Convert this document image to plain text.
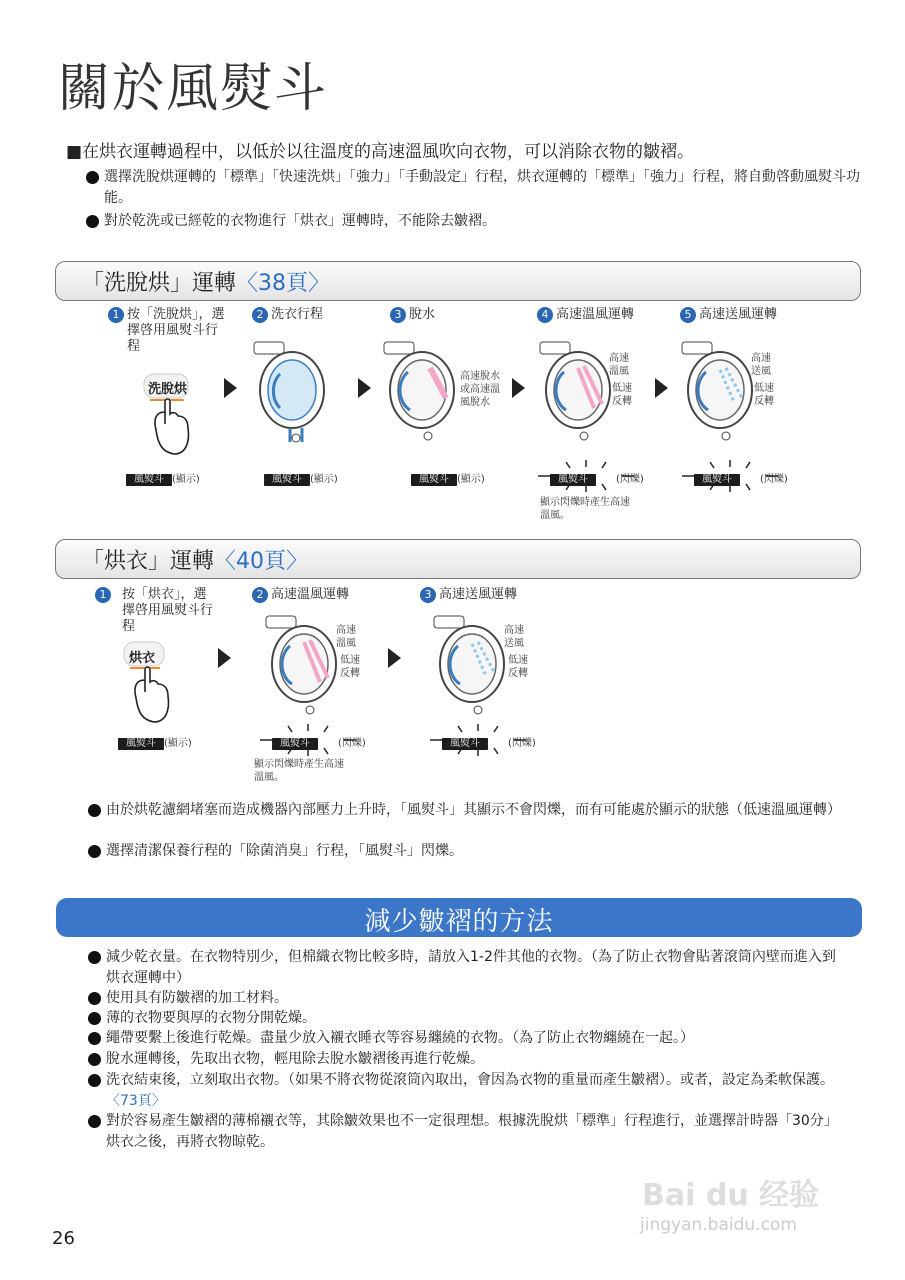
關於風熨斗
■在烘衣運轉過程中，以低於以往溫度的高速溫風吹向衣物，可以消除衣物的皺褶。
選擇洗脫烘運轉的「標準」「快速洗烘」「強力」「手動設定」行程，烘衣運轉的「標準」「強力」行程，將自動啓動風熨斗功能。
對於乾洗或已經乾的衣物進行「烘衣」運轉時，不能除去皺褶。
「洗脫烘」運轉〈38頁〉
1 按「洗脫烘」，選擇啓用風熨斗行程
2 洗衣行程	3 脫水	4 高速溫風運轉	5 高速送風運轉
洗脫烘
高速脫水或高速溫風脫水
高速溫風
低速反轉
高速送風
低速反轉
風熨斗 (顯示)	風熨斗 (顯示)	風熨斗 (顯示)	風熨斗	(閃爍)
顯示閃爍時產生高速溫風。
風熨斗	(閃爍)
「烘衣」運轉〈40頁〉
1 按「烘衣」，選擇啓用風熨斗行程
2 高速溫風運轉	3 高速送風運轉
烘衣
高速溫風
低速反轉
高速送風
低速反轉
風熨斗 (顯示)	風熨斗	(閃爍)
顯示閃爍時產生高速溫風。
風熨斗	(閃爍)
由於烘乾濾網堵塞而造成機器內部壓力上升時，「風熨斗」其顯示不會閃爍，而有可能處於顯示的狀態（低速溫風運轉）
選擇清潔保養行程的「除菌消臭」行程，「風熨斗」閃爍。
減少皺褶的方法
減少乾衣量。在衣物特別少，但棉織衣物比較多時，請放入1-2件其他的衣物。（為了防止衣物會貼著滾筒內壁而進入到烘衣運轉中）
使用具有防皺褶的加工材料。
薄的衣物要與厚的衣物分開乾燥。
繩帶要繫上後進行乾燥。盡量少放入襯衣睡衣等容易纏繞的衣物。（為了防止衣物纏繞在一起。）
脫水運轉後，先取出衣物，輕甩除去脫水皺褶後再進行乾燥。
洗衣結束後，立刻取出衣物。（如果不將衣物從滾筒內取出，會因為衣物的重量而產生皺褶）。或者，設定為柔軟保護。〈73頁〉
對於容易產生皺褶的薄棉襯衣等，其除皺效果也不一定很理想。根據洗脫烘「標準」行程進行，並選擇計時器「30分」烘衣之後，再將衣物晾乾。
Bai du 经验
jingyan.baidu.com
26
